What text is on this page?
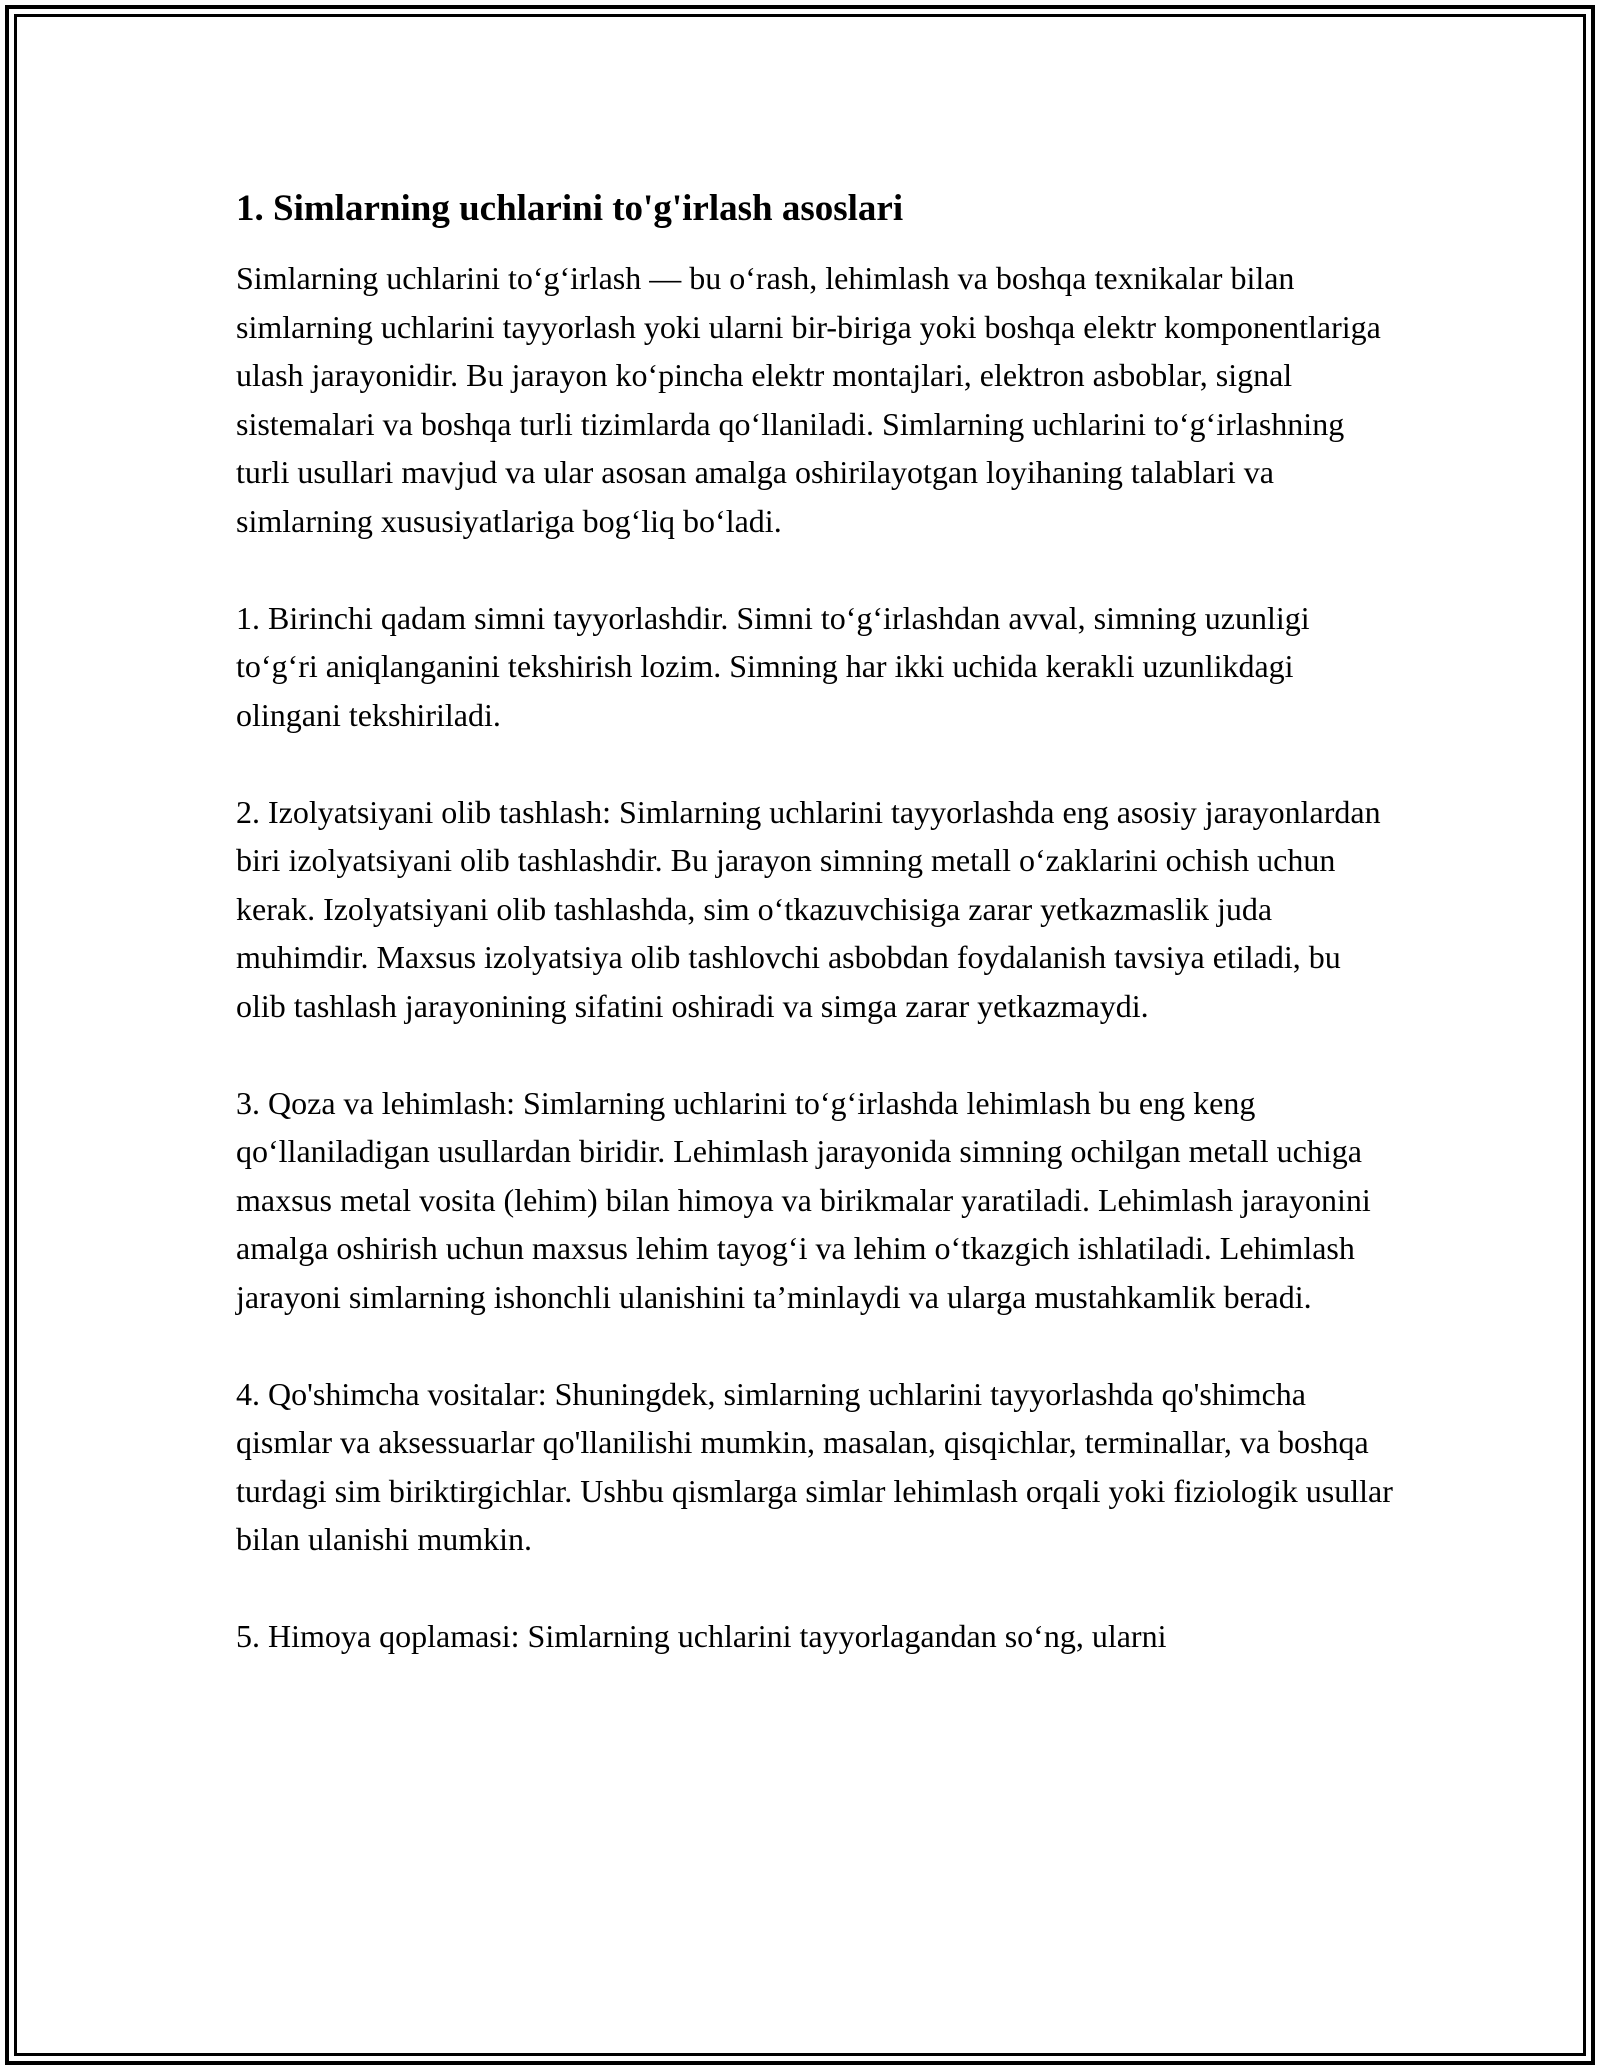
1. Simlarning uchlarini to'g'irlash asoslari

Simlarning uchlarini to‘g‘irlash — bu o‘rash, lehimlash va boshqa texnikalar bilan simlarning uchlarini tayyorlash yoki ularni bir-biriga yoki boshqa elektr komponentlariga ulash jarayonidir. Bu jarayon ko‘pincha elektr montajlari, elektron asboblar, signal sistemalari va boshqa turli tizimlarda qo‘llaniladi. Simlarning uchlarini to‘g‘irlashning turli usullari mavjud va ular asosan amalga oshirilayotgan loyihaning talablari va simlarning xususiyatlariga bog‘liq bo‘ladi.

1. Birinchi qadam simni tayyorlashdir. Simni to‘g‘irlashdan avval, simning uzunligi to‘g‘ri aniqlanganini tekshirish lozim. Simning har ikki uchida kerakli uzunlikdagi olingani tekshiriladi.

2. Izolyatsiyani olib tashlash: Simlarning uchlarini tayyorlashda eng asosiy jarayonlardan biri izolyatsiyani olib tashlashdir. Bu jarayon simning metall o‘zaklarini ochish uchun kerak. Izolyatsiyani olib tashlashda, sim o‘tkazuvchisiga zarar yetkazmaslik juda muhimdir. Maxsus izolyatsiya olib tashlovchi asbobdan foydalanish tavsiya etiladi, bu olib tashlash jarayonining sifatini oshiradi va simga zarar yetkazmaydi.

3. Qoza va lehimlash: Simlarning uchlarini to‘g‘irlashda lehimlash bu eng keng qo‘llaniladigan usullardan biridir. Lehimlash jarayonida simning ochilgan metall uchiga maxsus metal vosita (lehim) bilan himoya va birikmalar yaratiladi. Lehimlash jarayonini amalga oshirish uchun maxsus lehim tayog‘i va lehim o‘tkazgich ishlatiladi. Lehimlash jarayoni simlarning ishonchli ulanishini ta’minlaydi va ularga mustahkamlik beradi.

4. Qo'shimcha vositalar: Shuningdek, simlarning uchlarini tayyorlashda qo'shimcha qismlar va aksessuarlar qo'llanilishi mumkin, masalan, qisqichlar, terminallar, va boshqa turdagi sim biriktirgichlar. Ushbu qismlarga simlar lehimlash orqali yoki fiziologik usullar bilan ulanishi mumkin.

5. Himoya qoplamasi: Simlarning uchlarini tayyorlagandan so‘ng, ularni
